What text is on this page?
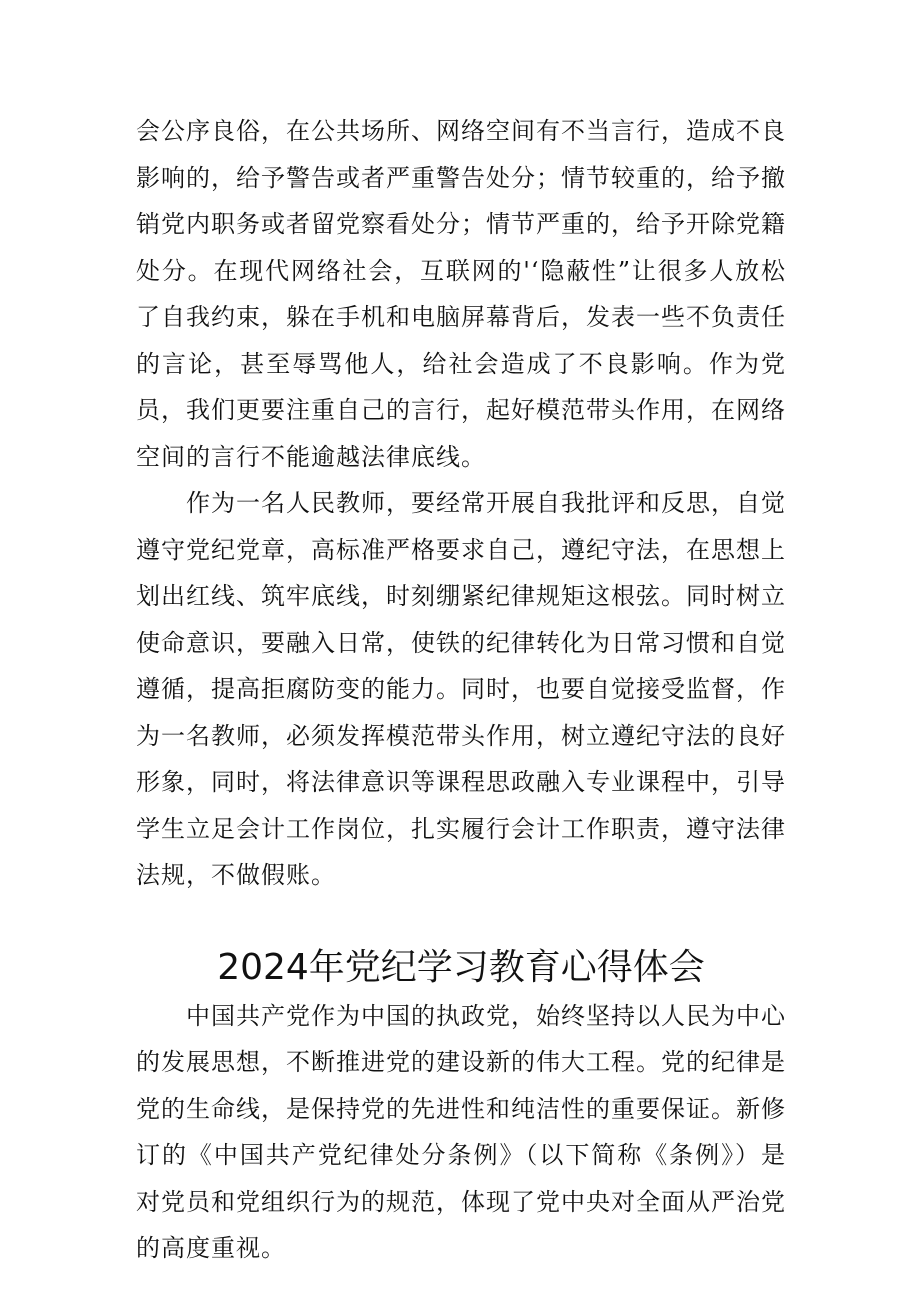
会公序良俗，在公共场所、网络空间有不当言行，造成不良影响的，给予警告或者严重警告处分；情节较重的，给予撤销党内职务或者留党察看处分；情节严重的，给予开除党籍处分。在现代网络社会，互联网的'‘隐蔽性”让很多人放松了自我约束，躲在手机和电脑屏幕背后，发表一些不负责任的言论，甚至辱骂他人，给社会造成了不良影响。作为党员，我们更要注重自己的言行，起好模范带头作用，在网络空间的言行不能逾越法律底线。

作为一名人民教师，要经常开展自我批评和反思，自觉遵守党纪党章，高标准严格要求自己，遵纪守法，在思想上划出红线、筑牢底线，时刻绷紧纪律规矩这根弦。同时树立使命意识，要融入日常，使铁的纪律转化为日常习惯和自觉遵循，提高拒腐防变的能力。同时，也要自觉接受监督，作为一名教师，必须发挥模范带头作用，树立遵纪守法的良好形象，同时，将法律意识等课程思政融入专业课程中，引导学生立足会计工作岗位，扎实履行会计工作职责，遵守法律法规，不做假账。

2024年党纪学习教育心得体会

中国共产党作为中国的执政党，始终坚持以人民为中心的发展思想，不断推进党的建设新的伟大工程。党的纪律是党的生命线，是保持党的先进性和纯洁性的重要保证。新修订的《中国共产党纪律处分条例》（以下简称《条例》）是对党员和党组织行为的规范，体现了党中央对全面从严治党的高度重视。
